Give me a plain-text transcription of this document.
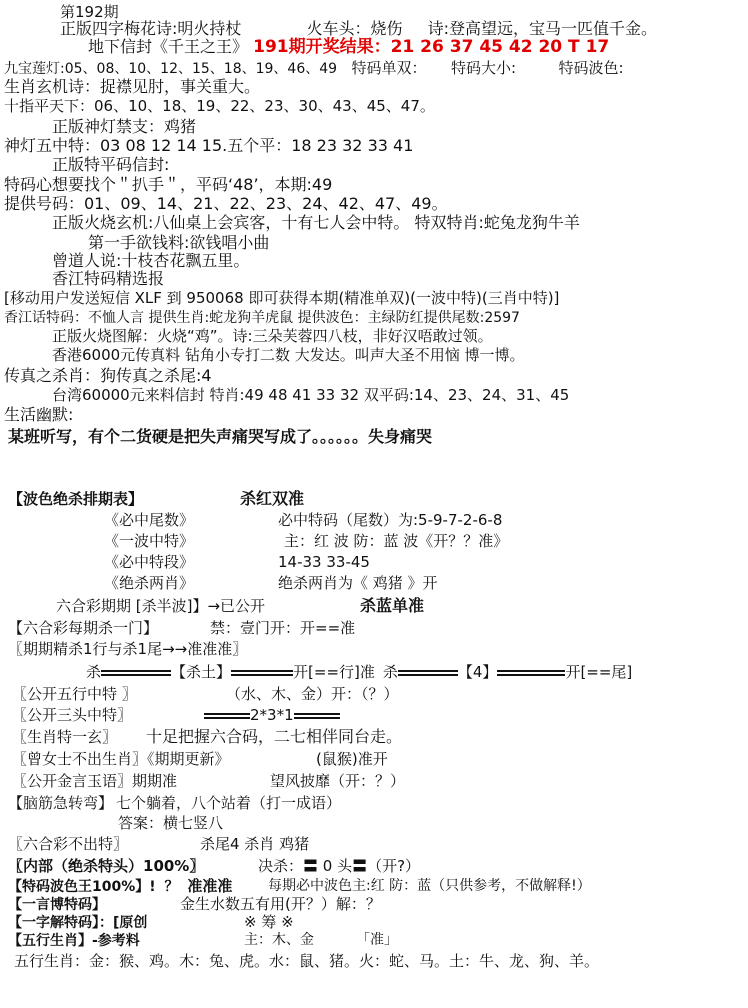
第192期
正版四字梅花诗:明火持杖	火车头：烧伤 诗:登高望远，宝马一匹值千金。
地下信封《千王之王》 191期开奖结果：21 26 37 45 42 20 T 17
九宝莲灯:05、08、10、12、15、18、19、46、49 特码单双： 特码大小:	特码波色:
生肖玄机诗：捉襟见肘，事关重大。
十指平天下：06、10、18、19、22、23、30、43、45、47。
正版神灯禁支：鸡猪
神灯五中特：03 08 12 14 15.五个平：18 23 32 33 41
正版特平码信封:
特码心想要找个＂扒手＂，平码‘48’，本期:49
提供号码：01、09、14、21、22、23、24、42、47、49。
正版火烧玄机:八仙桌上会宾客，十有七人会中特。 特双特肖:蛇兔龙狗牛羊
第一手欲钱料:欲钱唱小曲
曾道人说:十枝杏花飘五里。
香江特码精选报
[移动用户发送短信 XLF 到 950068 即可获得本期(精准单双)(一波中特)(三肖中特)]
香江话特码：不恤人言 提供生肖:蛇龙狗羊虎鼠 提供波色：主绿防红提供尾数:2597
正版火烧图解：火烧“鸡”。诗:三朵芙蓉四八枝，非好汉唔敢过领。
香港6000元传真料 钻角小专打二数 大发达。叫声大圣不用恼 博一博。
传真之杀肖：狗传真之杀尾:4
台湾60000元来料信封 特肖:49 48 41 33 32 双平码:14、23、24、31、45
生活幽默:
某班听写，有个二货硬是把失声痛哭写成了。。。。。。失身痛哭
【波色绝杀排期表】	杀红双准
《必中尾数》	必中特码（尾数）为:5-9-7-2-6-8
《一波中特》	主：红 波 防：蓝 波《开？？准》
《必中特段》	14-33 33-45
《绝杀两肖》	绝杀两肖为《 鸡猪 》开
六合彩期期 [杀半波]】→已公开	杀蓝单准
【六合彩每期杀一门】	禁：壹门开：开==准
〖期期精杀1行与杀1尾→→准准准〗
杀	【杀土】	开[==行]准 杀	【4】	开[==尾]
〖公开五行中特 〗	（水、木、金）开：（？）
〖公开三头中特〗	2*3*1
〖生肖特一玄〗 十足把握六合码，二七相伴同台走。
〖曾女士不出生肖〗《期期更新》	(鼠猴)准开
〖公开金言玉语〗期期准	望风披靡（开：？）
【脑筋急转弯】 七个躺着，八个站着（打一成语）
答案：横七竖八
〖六合彩不出特〗	杀尾4 杀肖 鸡猪
〖内部（绝杀特头）100%〗	决杀：〓 0 头〓（开?）
【特码波色王100%】! ？ 准准准	每期必中波色主:红 防：蓝（只供参考，不做解释!）
【一言博特码】	金生水数五有用(开？）解：？
【一字解特码】：[原创	※ 筹 ※
【五行生肖】-参考料	主：木、金	「准」
五行生肖：金：猴、鸡。木：兔、虎。水：鼠、猪。火：蛇、马。土：牛、龙、狗、羊。
